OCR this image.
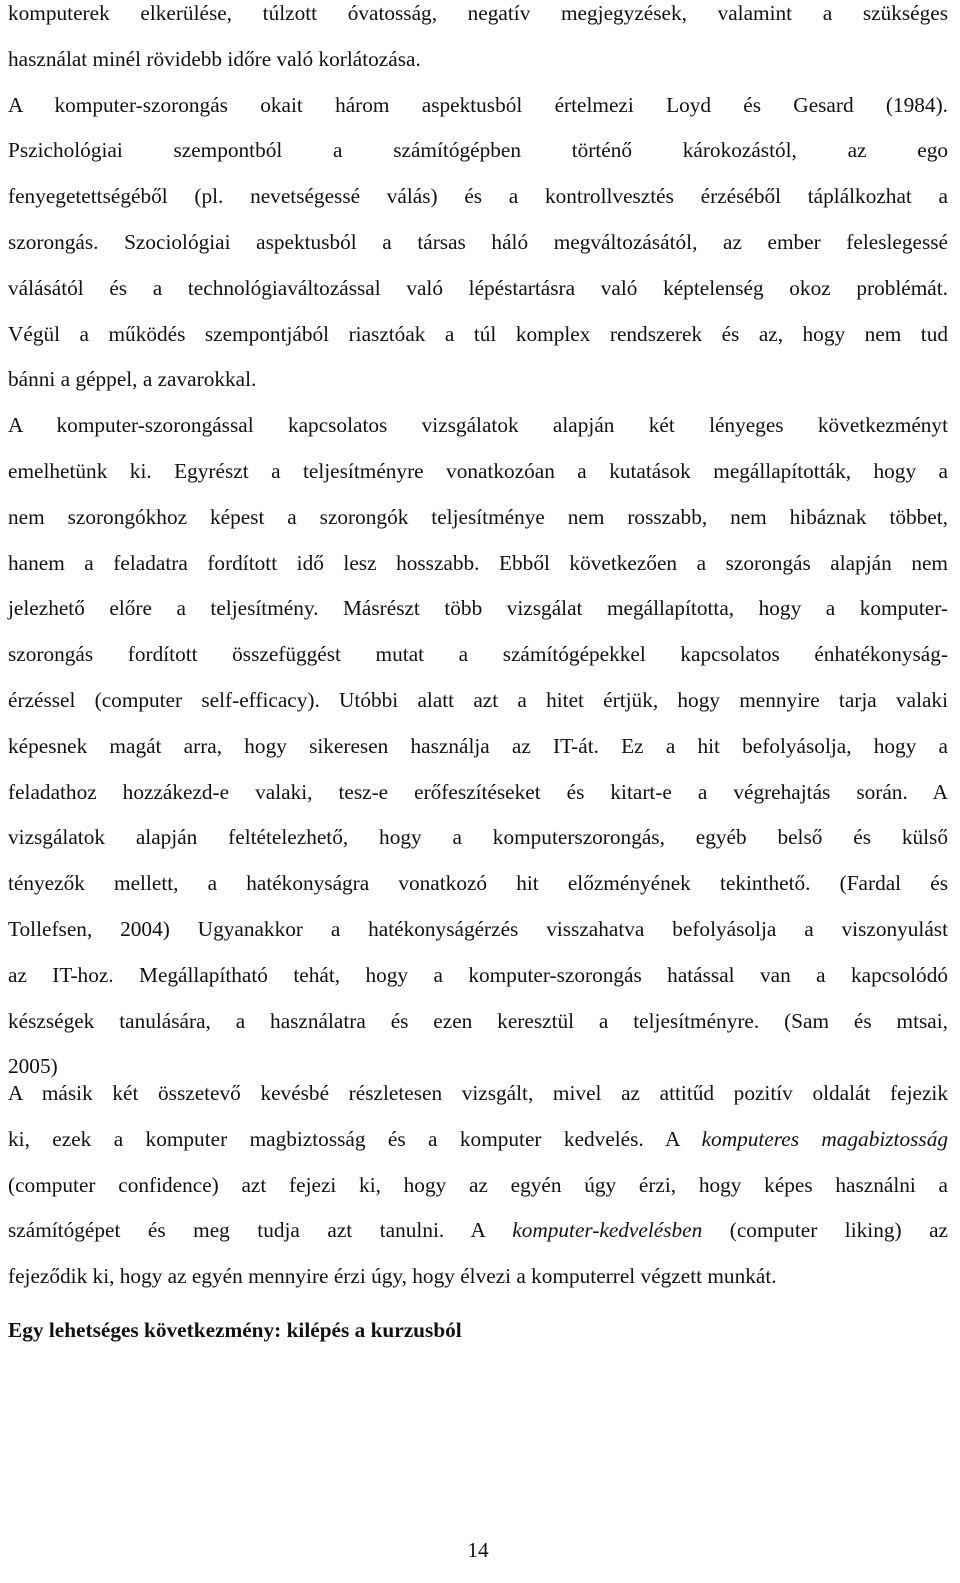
komputerek elkerülése, túlzott óvatosság, negatív megjegyzések, valamint a szükséges
használat minél rövidebb időre való korlátozása.
A komputer-szorongás okait három aspektusból értelmezi Loyd és Gesard (1984).
Pszichológiai szempontból a számítógépben történő károkozástól, az ego
fenyegetettségéből (pl. nevetségessé válás) és a kontrollvesztés érzéséből táplálkozhat a
szorongás. Szociológiai aspektusból a társas háló megváltozásától, az ember feleslegessé
válásától és a technológiaváltozással való lépéstartásra való képtelenség okoz problémát.
Végül a működés szempontjából riasztóak a túl komplex rendszerek és az, hogy nem tud
bánni a géppel, a zavarokkal.
A komputer-szorongással kapcsolatos vizsgálatok alapján két lényeges következményt
emelhetünk ki. Egyrészt a teljesítményre vonatkozóan a kutatások megállapították, hogy a
nem szorongókhoz képest a szorongók teljesítménye nem rosszabb, nem hibáznak többet,
hanem a feladatra fordított idő lesz hosszabb. Ebből következően a szorongás alapján nem
jelezhető előre a teljesítmény. Másrészt több vizsgálat megállapította, hogy a komputer-
szorongás fordított összefüggést mutat a számítógépekkel kapcsolatos énhatékonyság-
érzéssel (computer self-efficacy). Utóbbi alatt azt a hitet értjük, hogy mennyire tarja valaki
képesnek magát arra, hogy sikeresen használja az IT-át. Ez a hit befolyásolja, hogy a
feladathoz hozzákezd-e valaki, tesz-e erőfeszítéseket és kitart-e a végrehajtás során. A
vizsgálatok alapján feltételezhető, hogy a komputerszorongás, egyéb belső és külső
tényezők mellett, a hatékonyságra vonatkozó hit előzményének tekinthető. (Fardal és
Tollefsen, 2004) Ugyanakkor a hatékonyságérzés visszahatva befolyásolja a viszonyulást
az IT-hoz. Megállapítható tehát, hogy a komputer-szorongás hatással van a kapcsolódó
készségek tanulására, a használatra és ezen keresztül a teljesítményre. (Sam és mtsai,
2005)
A másik két összetevő kevésbé részletesen vizsgált, mivel az attitűd pozitív oldalát fejezik
ki, ezek a komputer magbiztosság és a komputer kedvelés. A komputeres magabiztosság
(computer confidence) azt fejezi ki, hogy az egyén úgy érzi, hogy képes használni a
számítógépet és meg tudja azt tanulni. A komputer-kedvelésben (computer liking) az
fejeződik ki, hogy az egyén mennyire érzi úgy, hogy élvezi a komputerrel végzett munkát.
Egy lehetséges következmény: kilépés a kurzusból
14
